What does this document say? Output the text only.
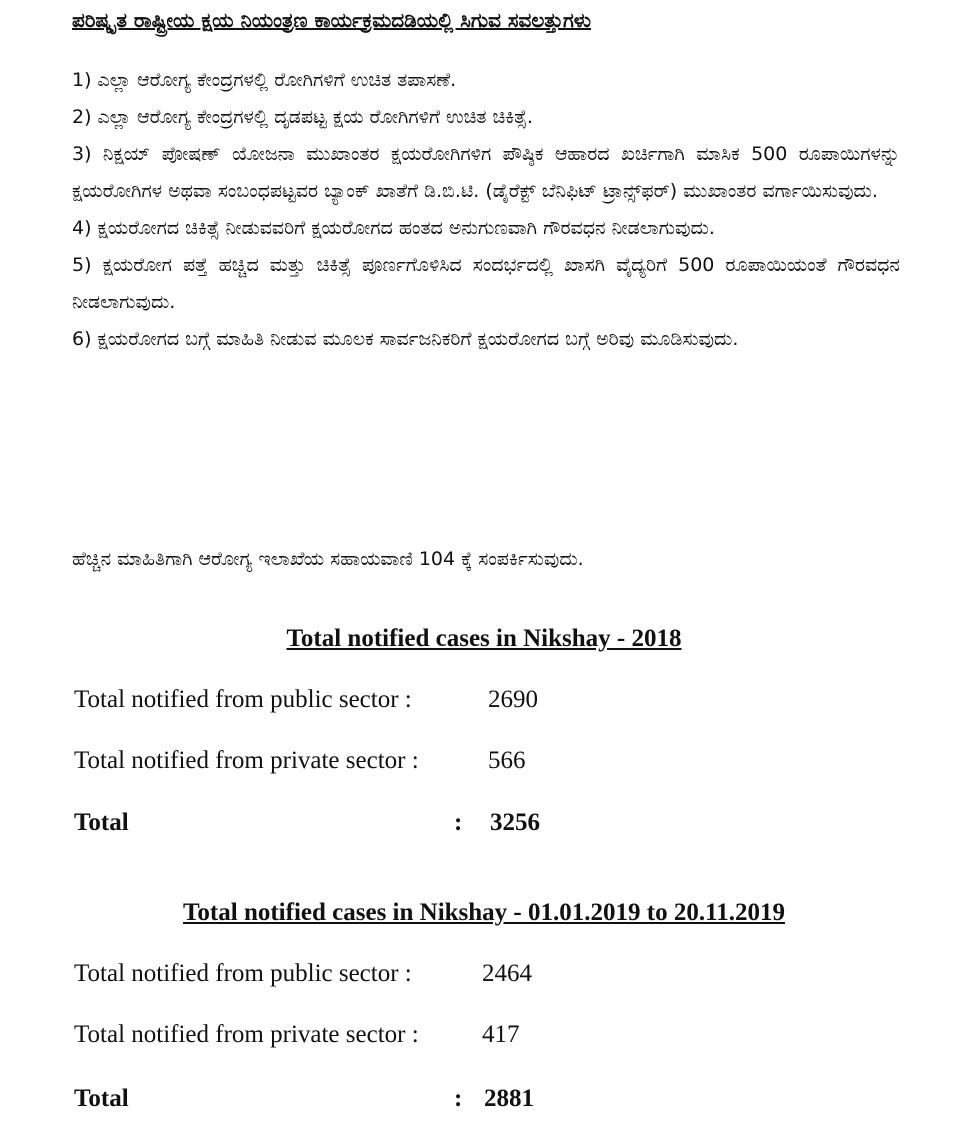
ಪರಿಷ್ಕೃತ ರಾಷ್ಟ್ರೀಯ ಕ್ಷಯ ನಿಯಂತ್ರಣ ಕಾರ್ಯಕ್ರಮದಡಿಯಲ್ಲಿ ಸಿಗುವ ಸವಲತ್ತುಗಳು

1) ಎಲ್ಲಾ ಆರೋಗ್ಯ ಕೇಂದ್ರಗಳಲ್ಲಿ ರೋಗಿಗಳಿಗೆ ಉಚಿತ ತಪಾಸಣೆ.

2) ಎಲ್ಲಾ ಆರೋಗ್ಯ ಕೇಂದ್ರಗಳಲ್ಲಿ ದೃಡಪಟ್ಟ ಕ್ಷಯ ರೋಗಿಗಳಿಗೆ ಉಚಿತ ಚಿಕಿತ್ಸೆ.

3) ನಿಕ್ಷಯ್ ಪೋಷಣ್ ಯೋಜನಾ ಮುಖಾಂತರ ಕ್ಷಯರೋಗಿಗಳಿಗ ಪೌಷ್ಠಿಕ ಆಹಾರದ ಖರ್ಚಿಗಾಗಿ ಮಾಸಿಕ 500 ರೂಪಾಯಿಗಳನ್ನು ಕ್ಷಯರೋಗಿಗಳ ಅಥವಾ ಸಂಬಂಧಪಟ್ಟವರ ಬ್ಯಾಂಕ್ ಖಾತೆಗೆ ಡಿ.ಬಿ.ಟಿ. (ಡೈರೆಕ್ಟ್ ಬೆನಿಫಿಟ್ ಟ್ರಾನ್ಸ್‌ಫರ್) ಮುಖಾಂತರ ವರ್ಗಾಯಿಸುವುದು.

4) ಕ್ಷಯರೋಗದ ಚಿಕಿತ್ಸೆ ನೀಡುವವರಿಗೆ ಕ್ಷಯರೋಗದ ಹಂತದ ಅನುಗುಣವಾಗಿ ಗೌರವಧನ ನೀಡಲಾಗುವುದು.

5) ಕ್ಷಯರೋಗ ಪತ್ತೆ ಹಚ್ಚಿದ ಮತ್ತು ಚಿಕಿತ್ಸೆ ಪೂರ್ಣಗೊಳಿಸಿದ ಸಂದರ್ಭದಲ್ಲಿ ಖಾಸಗಿ ವೈದ್ಯರಿಗೆ 500 ರೂಪಾಯಿಯಂತೆ ಗೌರವಧನ ನೀಡಲಾಗುವುದು.

6) ಕ್ಷಯರೋಗದ ಬಗ್ಗೆ ಮಾಹಿತಿ ನೀಡುವ ಮೂಲಕ ಸಾರ್ವಜನಿಕರಿಗೆ ಕ್ಷಯರೋಗದ ಬಗ್ಗೆ ಅರಿವು ಮೂಡಿಸುವುದು.

ಹೆಚ್ಚಿನ ಮಾಹಿತಿಗಾಗಿ ಆರೋಗ್ಯ ಇಲಾಖೆಯ ಸಹಾಯವಾಣಿ 104 ಕ್ಕೆ ಸಂಪರ್ಕಿಸುವುದು.
Total notified cases in Nikshay - 2018
Total notified from public sector :	2690
Total notified from private sector :	566
Total	: 3256
Total notified cases in Nikshay - 01.01.2019 to 20.11.2019
Total notified from public sector :	2464
Total notified from private sector :	417
Total	: 2881
